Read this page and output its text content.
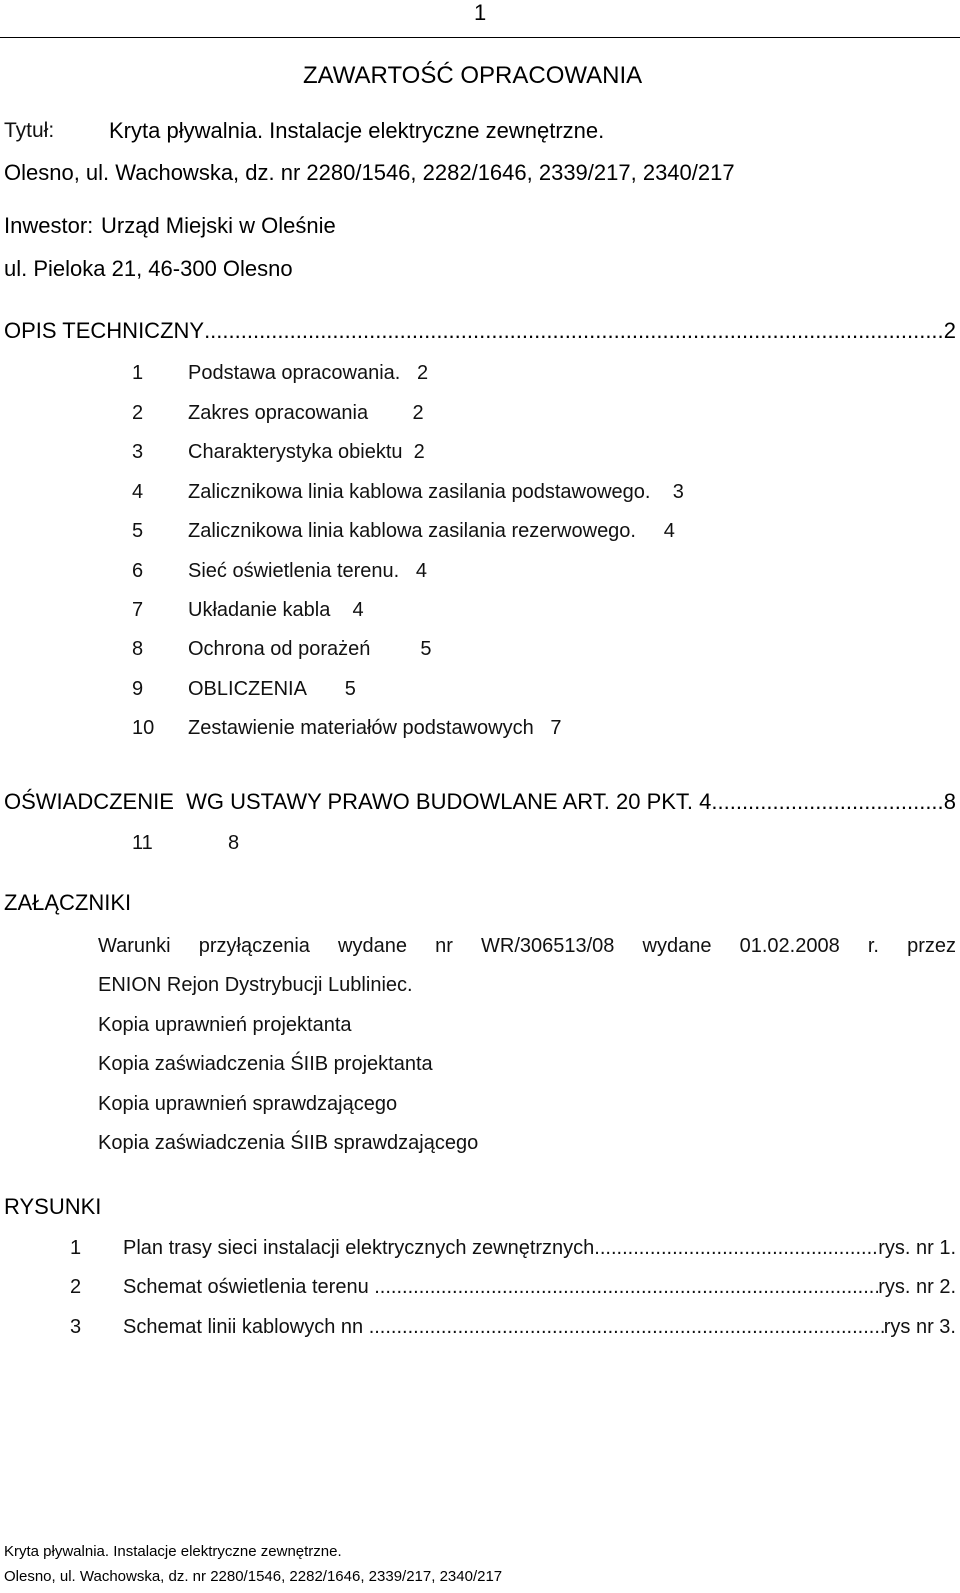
1
ZAWARTOŚĆ OPRACOWANIA
Tytuł: Kryta pływalnia. Instalacje elektryczne zewnętrzne.
Olesno, ul. Wachowska, dz. nr 2280/1546, 2282/1646, 2339/217, 2340/217
Inwestor: Urząd Miejski w Oleśnie
ul. Pieloka 21, 46-300 Olesno
OPIS TECHNICZNY .....	2
1 Podstawa opracowania.   2
2 Zakres opracowania        2
3 Charakterystyka obiektu  2
4 Zalicznikowa linia kablowa zasilania podstawowego.    3
5 Zalicznikowa linia kablowa zasilania rezerwowego.     4
6 Sieć oświetlenia terenu.   4
7 Układanie kabla    4
8 Ochrona od porażeń         5
9 OBLICZENIA       5
10 Zestawienie materiałów podstawowych   7
OŚWIADCZENIE  WG USTAWY PRAWO BUDOWLANE ART. 20 PKT. 4. .....	8
11	8
ZAŁĄCZNIKI
Warunki przyłączenia wydane nr WR/306513/08 wydane 01.02.2008 r. przez
ENION Rejon Dystrybucji Lubliniec.
Kopia uprawnień projektanta
Kopia zaświadczenia ŚIIB projektanta
Kopia uprawnień sprawdzającego
Kopia zaświadczenia ŚIIB sprawdzającego
RYSUNKI
1	Plan trasy sieci instalacji elektrycznych zewnętrznych .....	rys. nr 1.
2	Schemat oświetlenia terenu .....	rys. nr 2.
3	Schemat linii kablowych nn .....	rys nr 3.
Kryta pływalnia. Instalacje elektryczne zewnętrzne.
Olesno, ul. Wachowska, dz. nr 2280/1546, 2282/1646, 2339/217, 2340/217
